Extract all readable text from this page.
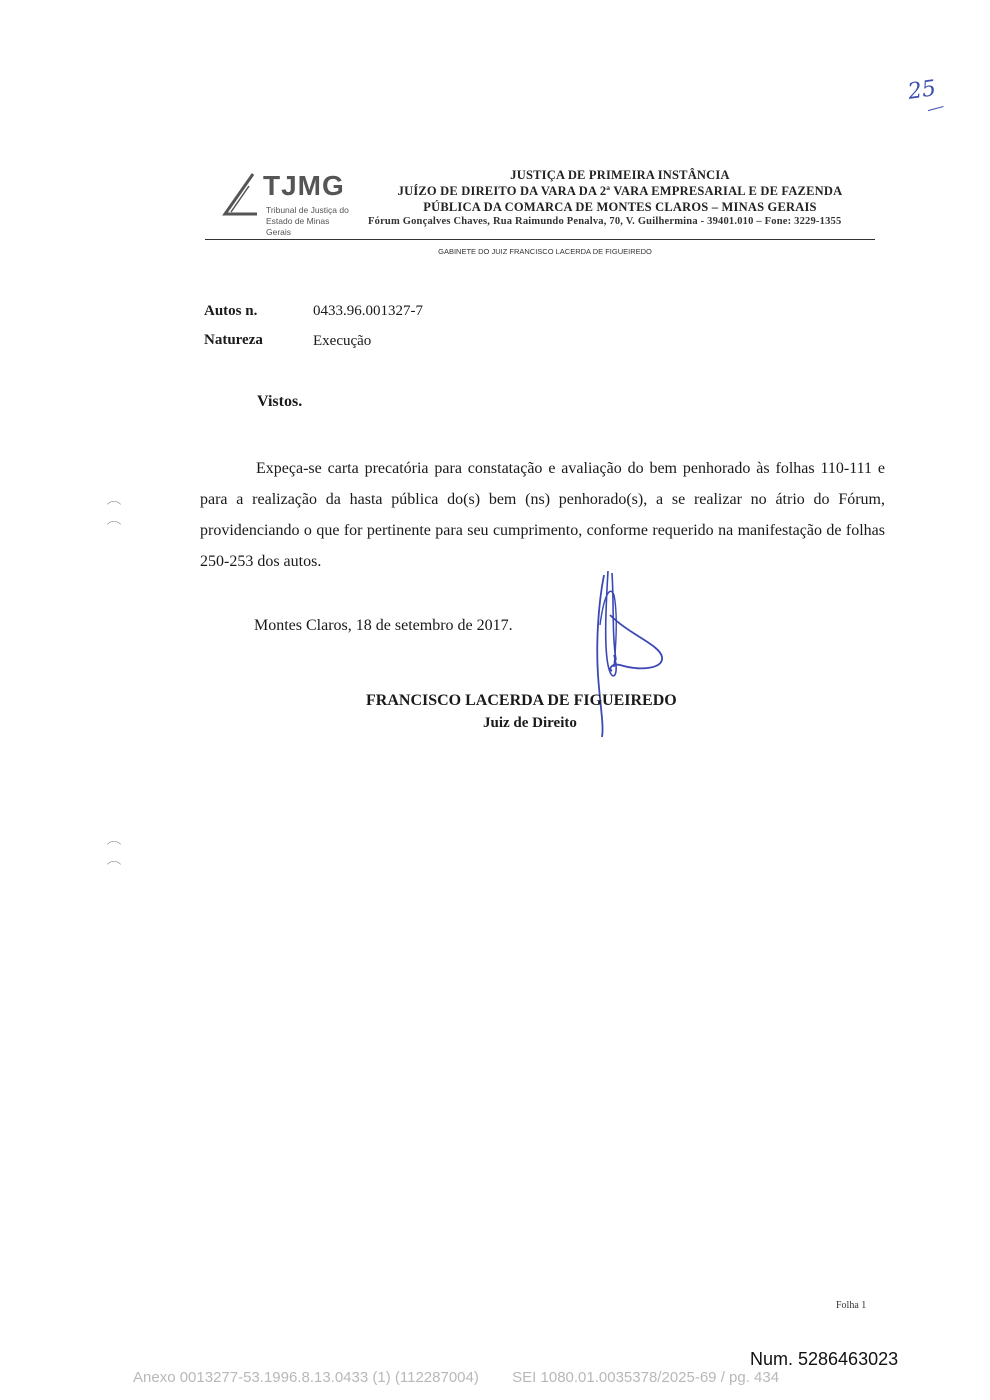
25
TJMG
Tribunal de Justiça do
Estado de Minas Gerais
JUSTIÇA DE PRIMEIRA INSTÂNCIA
JUÍZO DE DIREITO DA VARA DA 2ª VARA EMPRESARIAL E DE FAZENDA
PÚBLICA DA COMARCA DE MONTES CLAROS – MINAS GERAIS
Fórum Gonçalves Chaves, Rua Raimundo Penalva, 70, V. Guilhermina - 39401.010 – Fone: 3229-1355
GABINETE DO JUIZ FRANCISCO LACERDA DE FIGUEIREDO
Autos n.	0433.96.001327-7
Natureza	Execução
Vistos.
Expeça-se carta precatória para constatação e avaliação do bem penhorado às folhas 110-111 e para a realização da hasta pública do(s) bem (ns) penhorado(s), a se realizar no átrio do Fórum, providenciando o que for pertinente para seu cumprimento, conforme requerido na manifestação de folhas 250-253 dos autos.
Montes Claros, 18 de setembro de 2017.
FRANCISCO LACERDA DE FIGUEIREDO
Juiz de Direito
Folha 1
Num. 5286463023
Anexo 0013277-53.1996.8.13.0433 (1) (112287004)        SEI 1080.01.0035378/2025-69 / pg. 434
